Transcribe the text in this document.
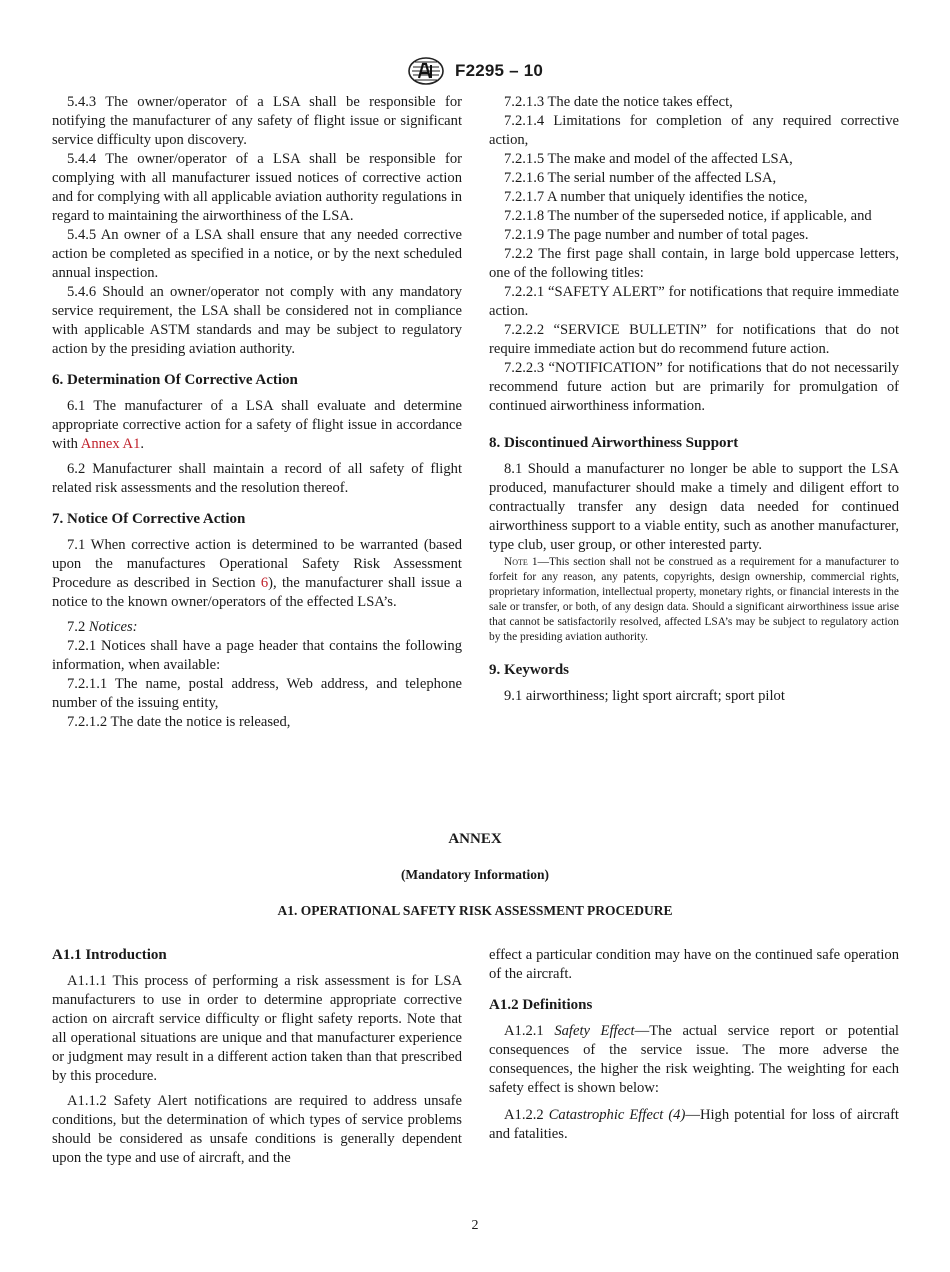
F2295 – 10

5.4.3 The owner/operator of a LSA shall be responsible for notifying the manufacturer of any safety of flight issue or significant service difficulty upon discovery.

5.4.4 The owner/operator of a LSA shall be responsible for complying with all manufacturer issued notices of corrective action and for complying with all applicable aviation authority regulations in regard to maintaining the airworthiness of the LSA.

5.4.5 An owner of a LSA shall ensure that any needed corrective action be completed as specified in a notice, or by the next scheduled annual inspection.

5.4.6 Should an owner/operator not comply with any mandatory service requirement, the LSA shall be considered not in compliance with applicable ASTM standards and may be subject to regulatory action by the presiding aviation authority.

6. Determination Of Corrective Action

6.1 The manufacturer of a LSA shall evaluate and determine appropriate corrective action for a safety of flight issue in accordance with Annex A1.

6.2 Manufacturer shall maintain a record of all safety of flight related risk assessments and the resolution thereof.

7. Notice Of Corrective Action

7.1 When corrective action is determined to be warranted (based upon the manufactures Operational Safety Risk Assessment Procedure as described in Section 6), the manufacturer shall issue a notice to the known owner/operators of the effected LSA’s.

7.2 Notices:

7.2.1 Notices shall have a page header that contains the following information, when available:

7.2.1.1 The name, postal address, Web address, and telephone number of the issuing entity,

7.2.1.2 The date the notice is released,

7.2.1.3 The date the notice takes effect,

7.2.1.4 Limitations for completion of any required corrective action,

7.2.1.5 The make and model of the affected LSA,

7.2.1.6 The serial number of the affected LSA,

7.2.1.7 A number that uniquely identifies the notice,

7.2.1.8 The number of the superseded notice, if applicable, and

7.2.1.9 The page number and number of total pages.

7.2.2 The first page shall contain, in large bold uppercase letters, one of the following titles:

7.2.2.1 “SAFETY ALERT” for notifications that require immediate action.

7.2.2.2 “SERVICE BULLETIN” for notifications that do not require immediate action but do recommend future action.

7.2.2.3 “NOTIFICATION” for notifications that do not necessarily recommend future action but are primarily for promulgation of continued airworthiness information.

8. Discontinued Airworthiness Support

8.1 Should a manufacturer no longer be able to support the LSA produced, manufacturer should make a timely and diligent effort to contractually transfer any design data needed for continued airworthiness support to a viable entity, such as another manufacturer, type club, user group, or other interested party.

Note 1—This section shall not be construed as a requirement for a manufacturer to forfeit for any reason, any patents, copyrights, design ownership, commercial rights, proprietary information, intellectual property, monetary rights, or financial interests in the sale or transfer, or both, of any design data. Should a significant airworthiness issue arise that cannot be satisfactorily resolved, affected LSA’s may be subject to regulatory action by the presiding aviation authority.

9. Keywords

9.1 airworthiness; light sport aircraft; sport pilot

ANNEX
(Mandatory Information)
A1. OPERATIONAL SAFETY RISK ASSESSMENT PROCEDURE
A1.1 Introduction

A1.1.1 This process of performing a risk assessment is for LSA manufacturers to use in order to determine appropriate corrective action on aircraft service difficulty or flight safety reports. Note that all operational situations are unique and that manufacturer experience or judgment may result in a different action taken than that prescribed by this procedure.

A1.1.2 Safety Alert notifications are required to address unsafe conditions, but the determination of which types of service problems should be considered as unsafe conditions is generally dependent upon the type and use of aircraft, and the

effect a particular condition may have on the continued safe operation of the aircraft.

A1.2 Definitions

A1.2.1 Safety Effect—The actual service report or potential consequences of the service issue. The more adverse the consequences, the higher the risk weighting. The weighting for each safety effect is shown below:

A1.2.2 Catastrophic Effect (4)—High potential for loss of aircraft and fatalities.

2
